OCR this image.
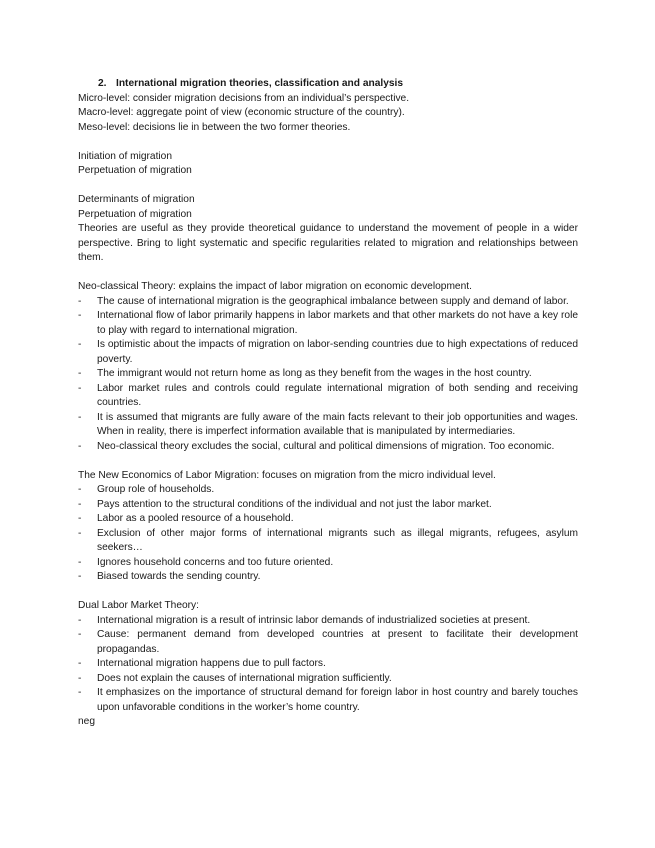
2. International migration theories, classification and analysis
Micro-level: consider migration decisions from an individual’s perspective.
Macro-level: aggregate point of view (economic structure of the country).
Meso-level: decisions lie in between the two former theories.
Initiation of migration
Perpetuation of migration
Determinants of migration
Perpetuation of migration
Theories are useful as they provide theoretical guidance to understand the movement of people in a wider perspective. Bring to light systematic and specific regularities related to migration and relationships between them.
Neo-classical Theory: explains the impact of labor migration on economic development.
- The cause of international migration is the geographical imbalance between supply and demand of labor.
- International flow of labor primarily happens in labor markets and that other markets do not have a key role to play with regard to international migration.
- Is optimistic about the impacts of migration on labor-sending countries due to high expectations of reduced poverty.
- The immigrant would not return home as long as they benefit from the wages in the host country.
- Labor market rules and controls could regulate international migration of both sending and receiving countries.
- It is assumed that migrants are fully aware of the main facts relevant to their job opportunities and wages. When in reality, there is imperfect information available that is manipulated by intermediaries.
- Neo-classical theory excludes the social, cultural and political dimensions of migration. Too economic.
The New Economics of Labor Migration: focuses on migration from the micro individual level.
- Group role of households.
- Pays attention to the structural conditions of the individual and not just the labor market.
- Labor as a pooled resource of a household.
- Exclusion of other major forms of international migrants such as illegal migrants, refugees, asylum seekers…
- Ignores household concerns and too future oriented.
- Biased towards the sending country.
Dual Labor Market Theory:
- International migration is a result of intrinsic labor demands of industrialized societies at present.
- Cause: permanent demand from developed countries at present to facilitate their development propagandas.
- International migration happens due to pull factors.
- Does not explain the causes of international migration sufficiently.
- It emphasizes on the importance of structural demand for foreign labor in host country and barely touches upon unfavorable conditions in the worker’s home country.
neg
